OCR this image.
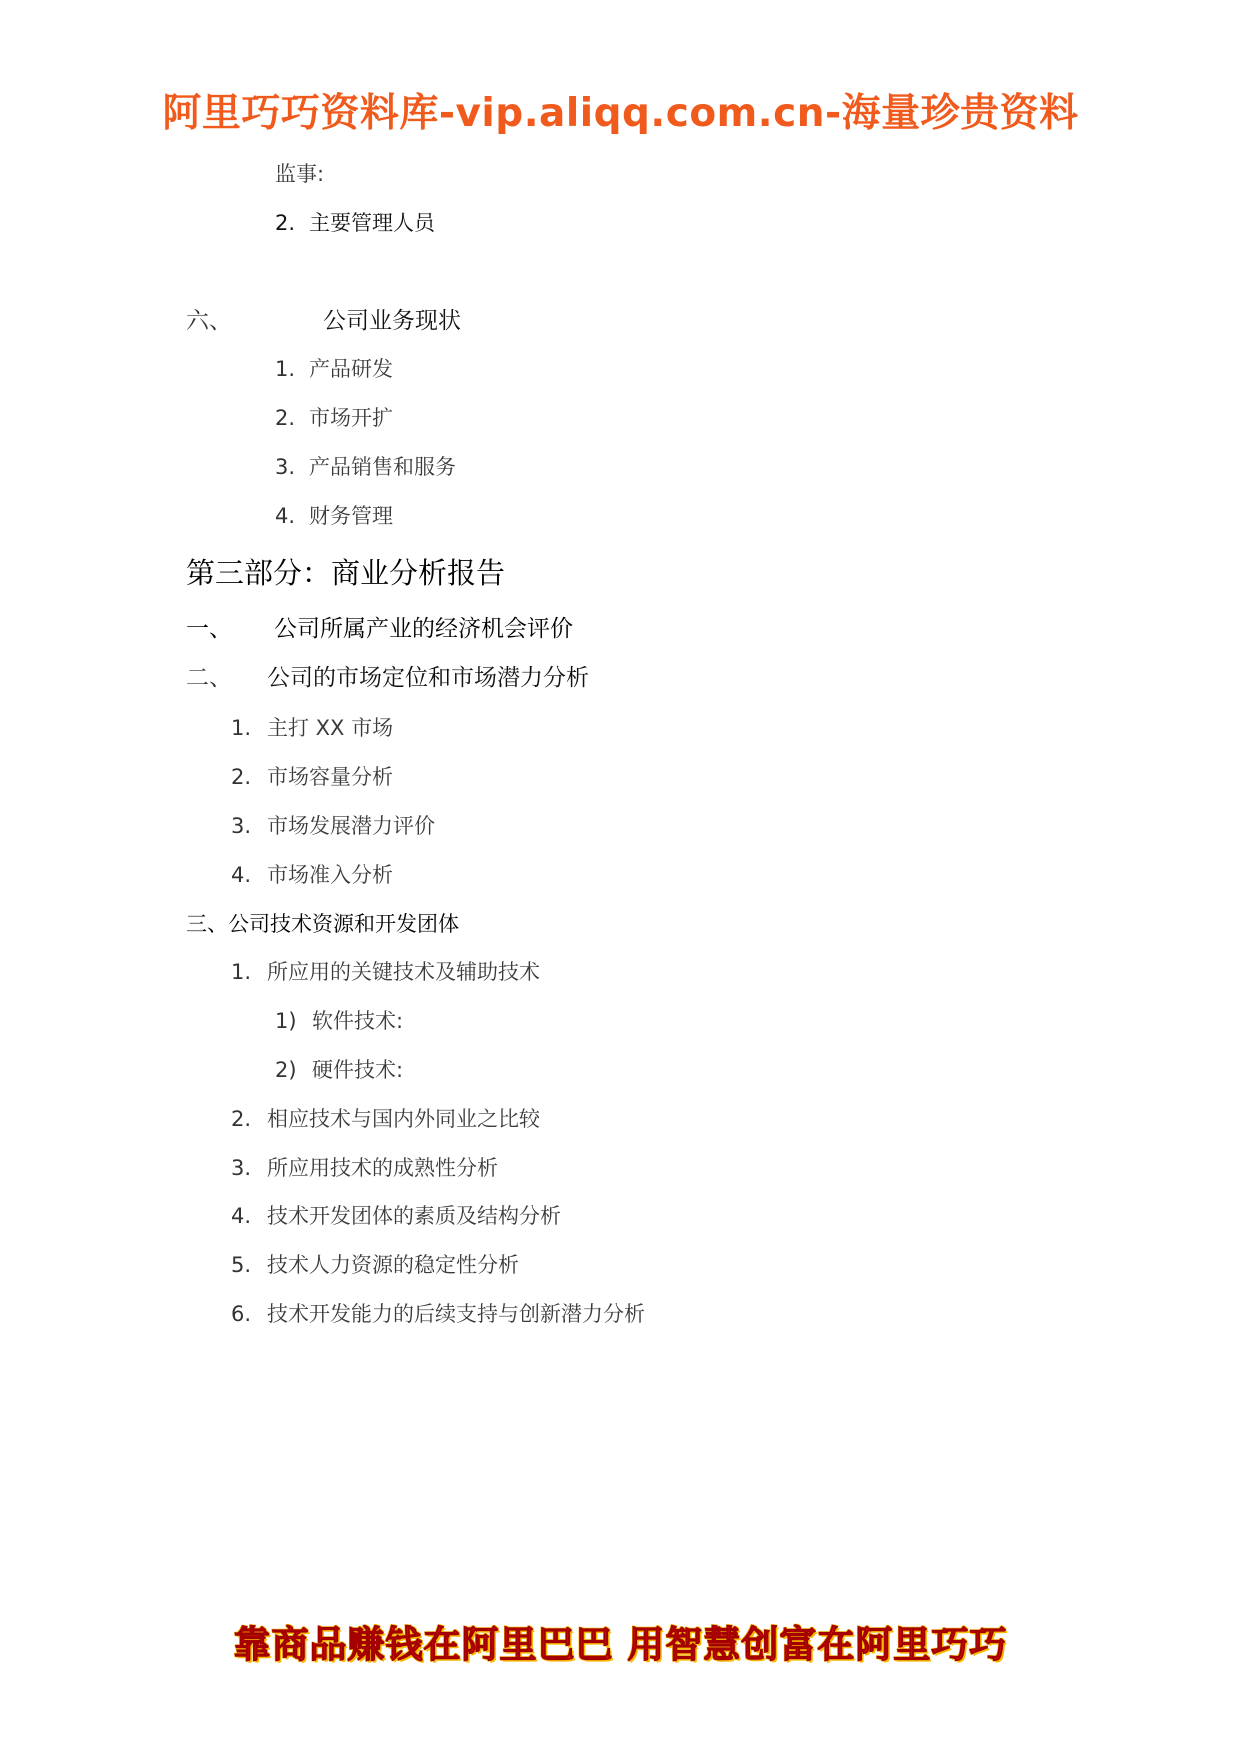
阿里巧巧资料库-vip.aliqq.com.cn-海量珍贵资料
监事:
2. 主要管理人员
六、	公司业务现状
1. 产品研发
2. 市场开扩
3. 产品销售和服务
4. 财务管理
第三部分：商业分析报告
一、 公司所属产业的经济机会评价
二、 公司的市场定位和市场潜力分析
1. 主打 XX 市场
2. 市场容量分析
3. 市场发展潜力评价
4. 市场准入分析
三、公司技术资源和开发团体
1. 所应用的关键技术及辅助技术
1) 软件技术:
2) 硬件技术:
2. 相应技术与国内外同业之比较
3. 所应用技术的成熟性分析
4. 技术开发团体的素质及结构分析
5. 技术人力资源的稳定性分析
6. 技术开发能力的后续支持与创新潜力分析
靠商品赚钱在阿里巴巴 用智慧创富在阿里巧巧
